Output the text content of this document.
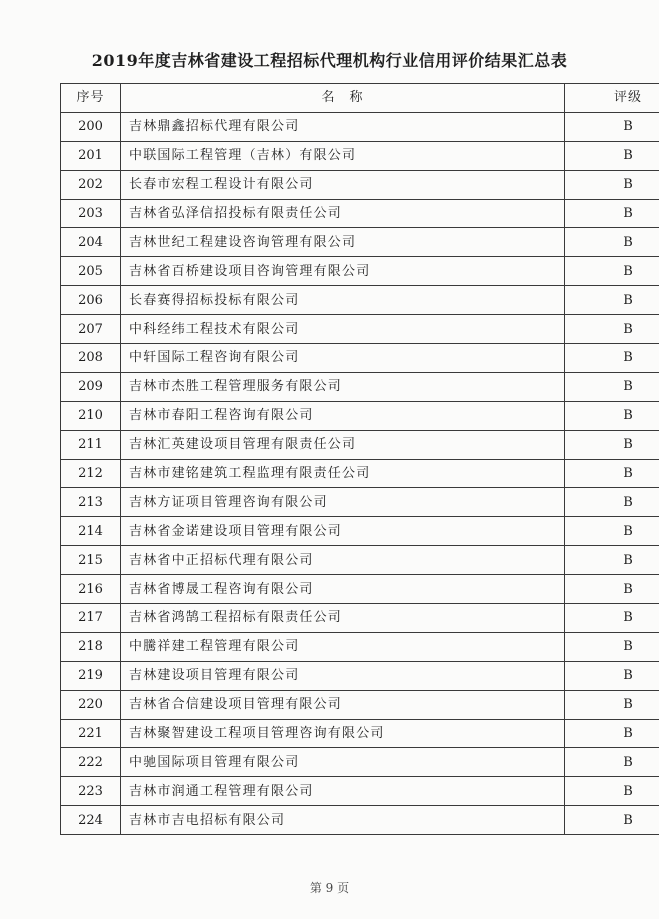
2019年度吉林省建设工程招标代理机构行业信用评价结果汇总表
序号	名　称	评级
200	吉林鼎鑫招标代理有限公司	B
201	中联国际工程管理（吉林）有限公司	B
202	长春市宏程工程设计有限公司	B
203	吉林省弘泽信招投标有限责任公司	B
204	吉林世纪工程建设咨询管理有限公司	B
205	吉林省百桥建设项目咨询管理有限公司	B
206	长春赛得招标投标有限公司	B
207	中科经纬工程技术有限公司	B
208	中轩国际工程咨询有限公司	B
209	吉林市杰胜工程管理服务有限公司	B
210	吉林市春阳工程咨询有限公司	B
211	吉林汇英建设项目管理有限责任公司	B
212	吉林市建铭建筑工程监理有限责任公司	B
213	吉林方证项目管理咨询有限公司	B
214	吉林省金诺建设项目管理有限公司	B
215	吉林省中正招标代理有限公司	B
216	吉林省博晟工程咨询有限公司	B
217	吉林省鸿鹄工程招标有限责任公司	B
218	中騰祥建工程管理有限公司	B
219	吉林建设项目管理有限公司	B
220	吉林省合信建设项目管理有限公司	B
221	吉林聚智建设工程项目管理咨询有限公司	B
222	中驰国际项目管理有限公司	B
223	吉林市润通工程管理有限公司	B
224	吉林市吉电招标有限公司	B
第 9 页
